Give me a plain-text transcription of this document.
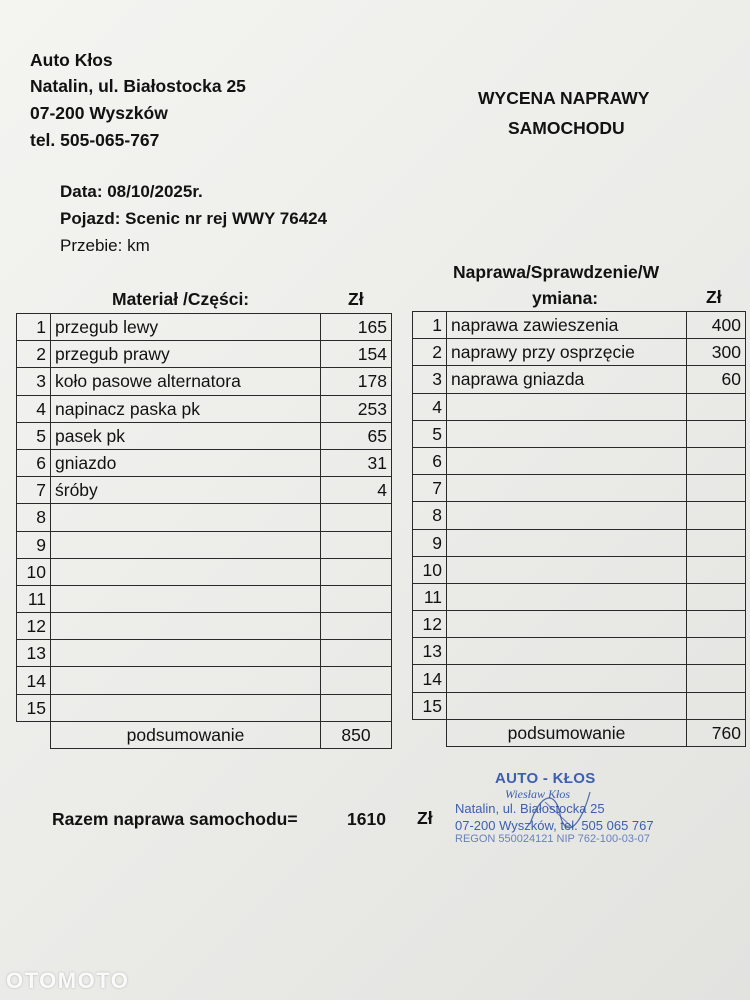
Auto Kłos
Natalin, ul. Białostocka 25
07-200 Wyszków
tel. 505-065-767
WYCENA NAPRAWY
SAMOCHODU
Data: 08/10/2025r.
Pojazd: Scenic nr rej WWY 76424
Przebie: km
Materiał /Części:	Zł
Naprawa/Sprawdzenie/W
ymiana:	Zł
1	przegub lewy	165
2	przegub prawy	154
3	koło pasowe alternatora	178
4	napinacz paska pk	253
5	pasek pk	65
6	gniazdo	31
7	śróby	4
8		
9		
10		
11		
12		
13		
14		
15		
	podsumowanie	850
1	naprawa zawieszenia	400
2	naprawy przy osprzęcie	300
3	naprawa gniazda	60
4		
5		
6		
7		
8		
9		
10		
11		
12		
13		
14		
15		
	podsumowanie	760
Razem naprawa samochodu=	1610 Zł
AUTO - KŁOS
Wiesław Kłos
Natalin, ul. Białostocka 25
07-200 Wyszków, tel. 505 065 767
REGON 550024121 NIP 762-100-03-07
OTOMOTO
